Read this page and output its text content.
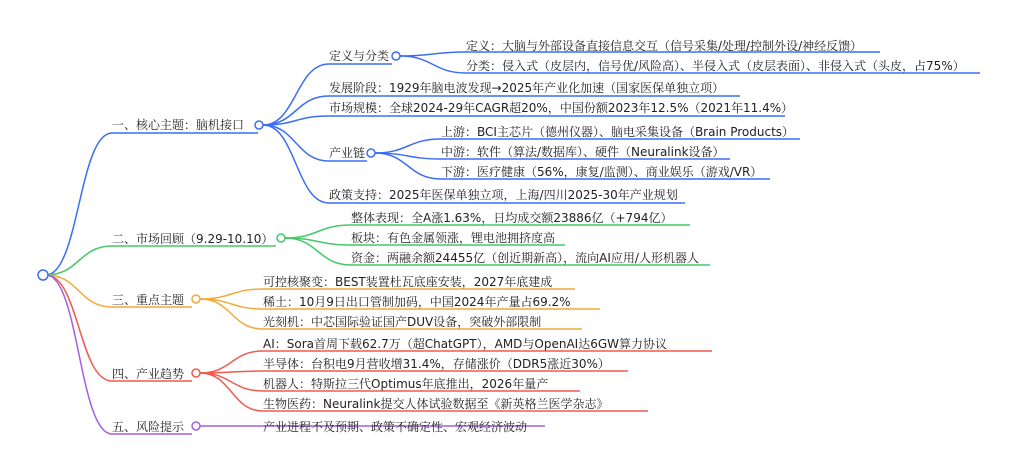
一、核心主题：脑机接口
定义与分类
定义：大脑与外部设备直接信息交互（信号采集/处理/控制外设/神经反馈）
分类：侵入式（皮层内，信号优/风险高）、半侵入式（皮层表面）、非侵入式（头皮，占75%）
发展阶段：1929年脑电波发现→2025年产业化加速（国家医保单独立项）
市场规模：全球2024-29年CAGR超20%，中国份额2023年12.5%（2021年11.4%）
产业链
上游：BCI主芯片（德州仪器）、脑电采集设备（Brain Products）
中游：软件（算法/数据库）、硬件（Neuralink设备）
下游：医疗健康（56%，康复/监测）、商业娱乐（游戏/VR）
政策支持：2025年医保单独立项，上海/四川2025-30年产业规划
二、市场回顾（9.29-10.10）
整体表现：全A涨1.63%，日均成交额23886亿（+794亿）
板块：有色金属领涨，锂电池拥挤度高
资金：两融余额24455亿（创近期新高），流向AI应用/人形机器人
三、重点主题
可控核聚变：BEST装置杜瓦底座安装，2027年底建成
稀土：10月9日出口管制加码，中国2024年产量占69.2%
光刻机：中芯国际验证国产DUV设备，突破外部限制
四、产业趋势
AI：Sora首周下载62.7万（超ChatGPT），AMD与OpenAI达6GW算力协议
半导体：台积电9月营收增31.4%，存储涨价（DDR5涨近30%）
机器人：特斯拉三代Optimus年底推出，2026年量产
生物医药：Neuralink提交人体试验数据至《新英格兰医学杂志》
五、风险提示	产业进程不及预期、政策不确定性、宏观经济波动
